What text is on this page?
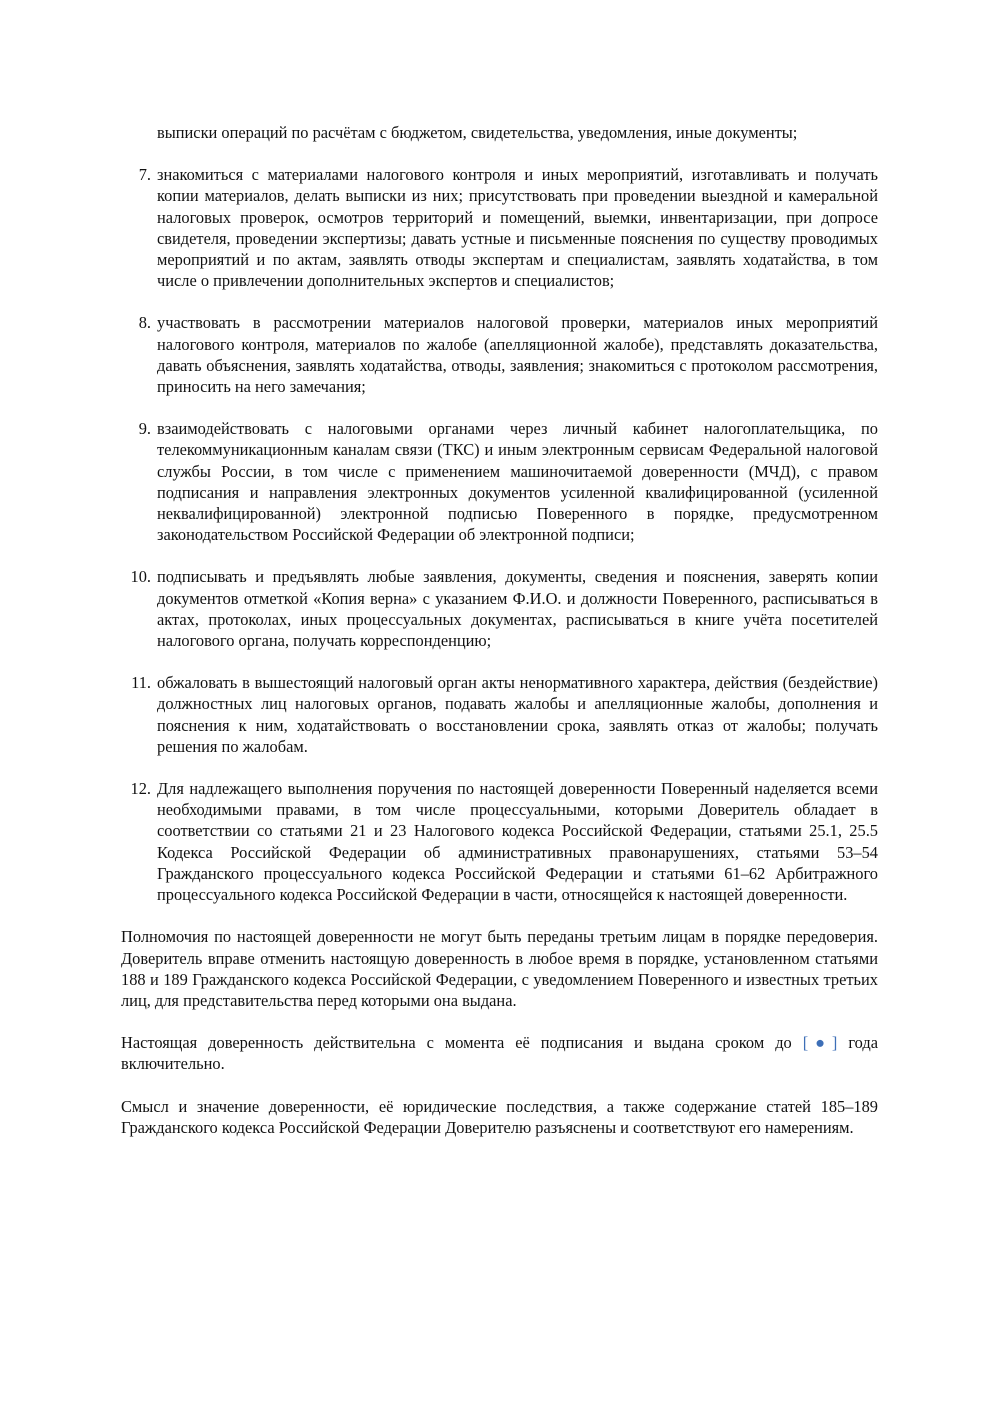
выписки операций по расчётам с бюджетом, свидетельства, уведомления, иные документы;

7. знакомиться с материалами налогового контроля и иных мероприятий, изготавливать и получать копии материалов, делать выписки из них; присутствовать при проведении выездной и камеральной налоговых проверок, осмотров территорий и помещений, выемки, инвентаризации, при допросе свидетеля, проведении экспертизы; давать устные и письменные пояснения по существу проводимых мероприятий и по актам, заявлять отводы экспертам и специалистам, заявлять ходатайства, в том числе о привлечении дополнительных экспертов и специалистов;

8. участвовать в рассмотрении материалов налоговой проверки, материалов иных мероприятий налогового контроля, материалов по жалобе (апелляционной жалобе), представлять доказательства, давать объяснения, заявлять ходатайства, отводы, заявления; знакомиться с протоколом рассмотрения, приносить на него замечания;

9. взаимодействовать с налоговыми органами через личный кабинет налогоплательщика, по телекоммуникационным каналам связи (ТКС) и иным электронным сервисам Федеральной налоговой службы России, в том числе с применением машиночитаемой доверенности (МЧД), с правом подписания и направления электронных документов усиленной квалифицированной (усиленной неквалифицированной) электронной подписью Поверенного в порядке, предусмотренном законодательством Российской Федерации об электронной подписи;

10. подписывать и предъявлять любые заявления, документы, сведения и пояснения, заверять копии документов отметкой «Копия верна» с указанием Ф.И.О. и должности Поверенного, расписываться в актах, протоколах, иных процессуальных документах, расписываться в книге учёта посетителей налогового органа, получать корреспонденцию;

11. обжаловать в вышестоящий налоговый орган акты ненормативного характера, действия (бездействие) должностных лиц налоговых органов, подавать жалобы и апелляционные жалобы, дополнения и пояснения к ним, ходатайствовать о восстановлении срока, заявлять отказ от жалобы; получать решения по жалобам.

12. Для надлежащего выполнения поручения по настоящей доверенности Поверенный наделяется всеми необходимыми правами, в том числе процессуальными, которыми Доверитель обладает в соответствии со статьями 21 и 23 Налогового кодекса Российской Федерации, статьями 25.1, 25.5 Кодекса Российской Федерации об административных правонарушениях, статьями 53–54 Гражданского процессуального кодекса Российской Федерации и статьями 61–62 Арбитражного процессуального кодекса Российской Федерации в части, относящейся к настоящей доверенности.

Полномочия по настоящей доверенности не могут быть переданы третьим лицам в порядке передоверия. Доверитель вправе отменить настоящую доверенность в любое время в порядке, установленном статьями 188 и 189 Гражданского кодекса Российской Федерации, с уведомлением Поверенного и известных третьих лиц, для представительства перед которыми она выдана.

Настоящая доверенность действительна с момента её подписания и выдана сроком до [●] года включительно.

Смысл и значение доверенности, её юридические последствия, а также содержание статей 185–189 Гражданского кодекса Российской Федерации Доверителю разъяснены и соответствуют его намерениям.
